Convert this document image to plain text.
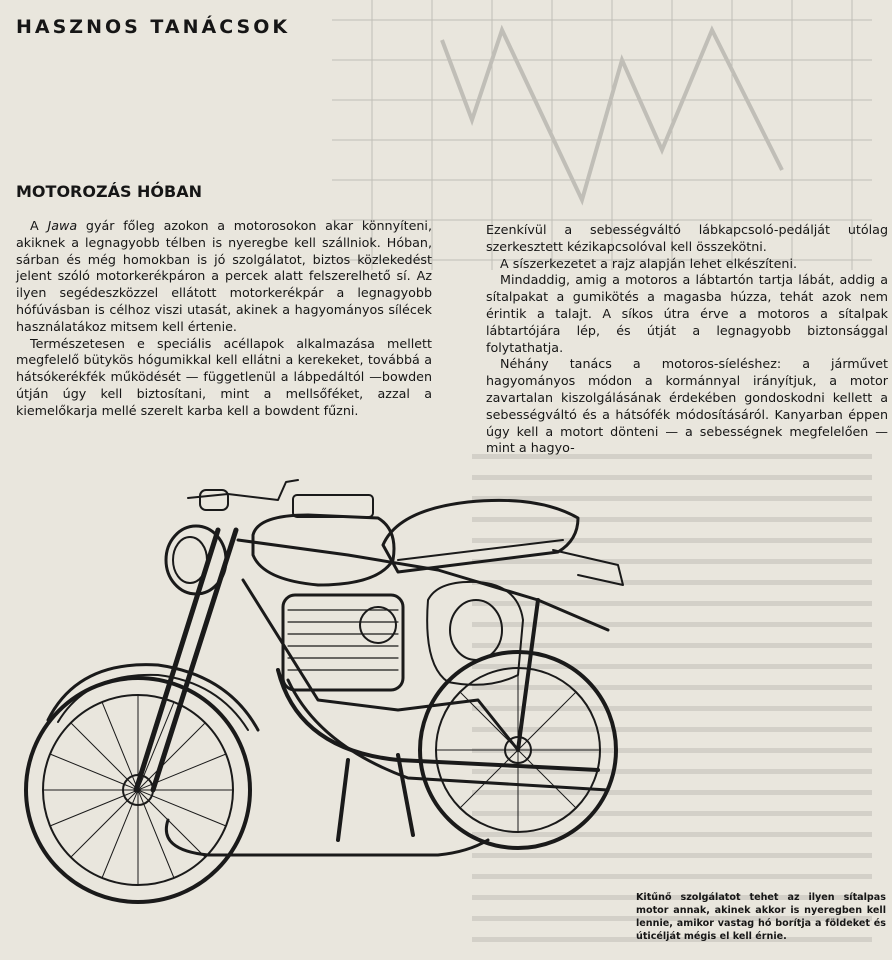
HASZNOS TANÁCSOK
MOTOROZÁS HÓBAN

A Jawa gyár főleg azokon a motorosokon akar könnyíteni, akiknek a legnagyobb télben is nyeregbe kell szállniok. Hóban, sárban és még homokban is jó szolgálatot, biztos közlekedést jelent szóló motorkerékpáron a percek alatt felszerelhető sí. Az ilyen segédeszközzel ellátott motorkerékpár a legnagyobb hófúvásban is célhoz viszi utasát, akinek a hagyományos sílécek használatákoz mitsem kell értenie.

Természetesen e speciális acéllapok alkalmazása mellett megfelelő bütykös hógumikkal kell ellátni a kerekeket, továbbá a hátsókerékfék működését — függetlenül a lábpedáltól —bowden útján úgy kell biztosítani, mint a mellsőféket, azzal a kiemelőkarja mellé szerelt karba kell a bowdent fűzni.

Ezenkívül a sebességváltó lábkapcsoló-pedálját utólag szerkesztett kézikapcsolóval kell összekötni.

A síszerkezetet a rajz alapján lehet elkészíteni.

Mindaddig, amig a motoros a lábtartón tartja lábát, addig a sítalpakat a gumikötés a magasba húzza, tehát azok nem érintik a talajt. A síkos útra érve a motoros a sítalpak lábtartójára lép, és útját a legnagyobb biztonsággal folytathatja.

Néhány tanács a motoros-síeléshez: a járművet hagyományos módon a kormánnyal irányítjuk, a motor zavartalan kiszolgálásának érdekében gondoskodni kellett a sebességváltó és a hátsófék módosításáról. Kanyarban éppen úgy kell a motort dönteni — a sebességnek megfelelően — mint a hagyo-

Kitűnő szolgálatot tehet az ilyen sítalpas motor annak, akinek akkor is nyeregben kell lennie, amikor vastag hó borítja a földeket és úticélját mégis el kell érnie.
